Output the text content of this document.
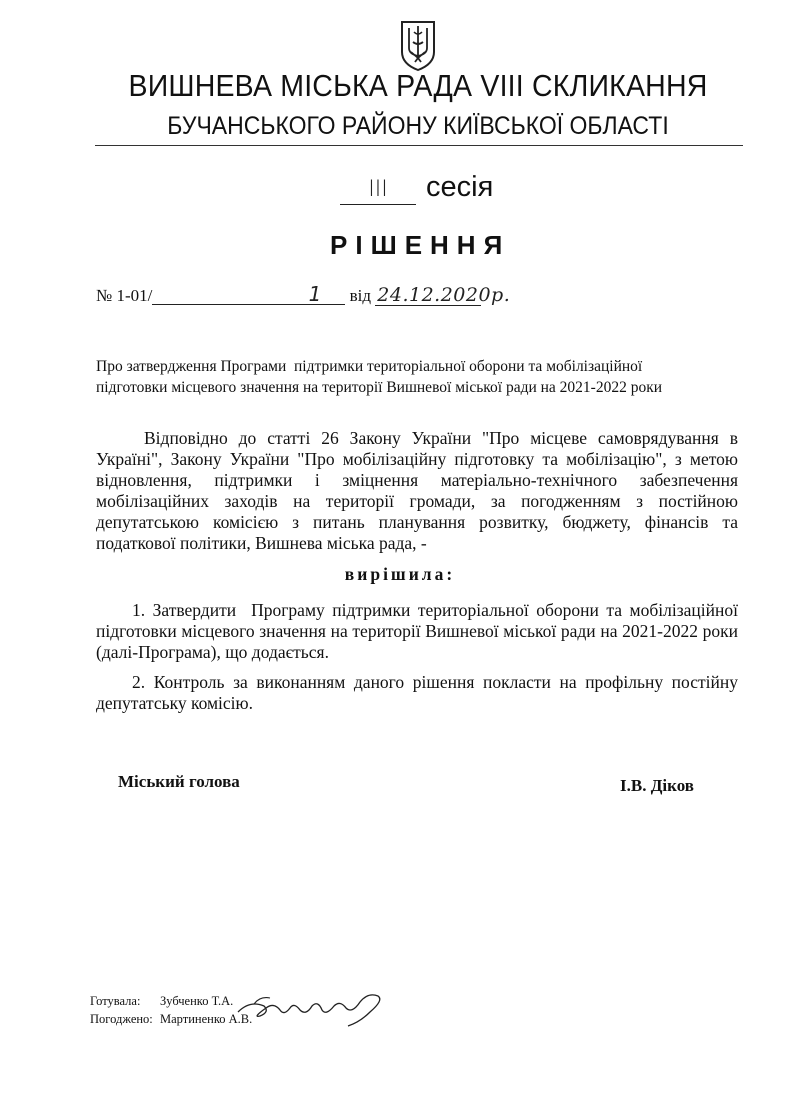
ВИШНЕВА МІСЬКА РАДА VIII СКЛИКАННЯ
БУЧАНСЬКОГО РАЙОНУ КИЇВСЬКОЇ ОБЛАСТІ
III сесія
РІШЕННЯ
№ 1-01/	1 від 24.12.2020р.
Про затвердження Програми  підтримки територіальної оборони та мобілізаційної
підготовки місцевого значення на території Вишневої міської ради на 2021-2022 роки
Відповідно до статті 26 Закону України "Про місцеве самоврядування в Україні", Закону України "Про мобілізаційну підготовку та мобілізацію", з метою відновлення, підтримки і зміцнення матеріально-технічного забезпечення мобілізаційних заходів на території громади, за погодженням з постійною депутатською комісією з питань планування розвитку, бюджету, фінансів та податкової політики, Вишнева міська рада, -
вирішила:
1. Затвердити  Програму підтримки територіальної оборони та мобілізаційної підготовки місцевого значення на території Вишневої міської ради на 2021-2022 роки  (далі-Програма), що додається.
2. Контроль за виконанням даного рішення покласти на профільну постійну депутатську комісію.
Міський голова	І.В. Діков
Готувала: Зубченко Т.А.
Погоджено: Мартиненко А.В.
